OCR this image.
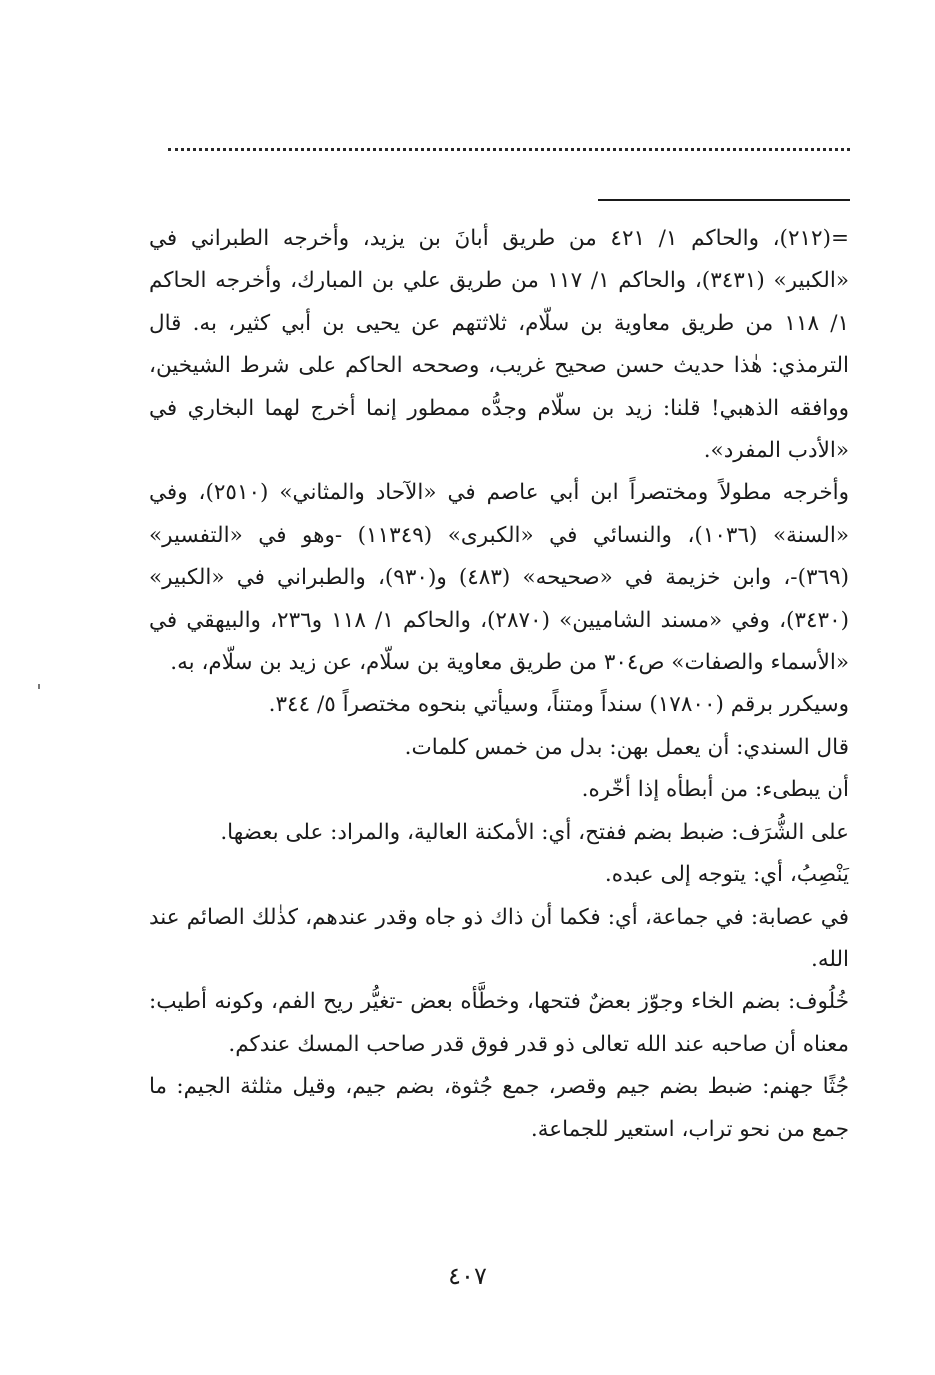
=(٢١٢)، والحاكم ١/ ٤٢١ من طريق أبانَ بن يزيد، وأخرجه الطبراني في «الكبير» (٣٤٣١)، والحاكم ١/ ١١٧ من طريق علي بن المبارك، وأخرجه الحاكم ١/ ١١٨ من طريق معاوية بن سلّام، ثلاثتهم عن يحيى بن أبي كثير، به. قال الترمذي: هٰذا حديث حسن صحيح غريب، وصححه الحاكم على شرط الشيخين، ووافقه الذهبي! قلنا: زيد بن سلّام وجدُّه ممطور إنما أخرج لهما البخاري في «الأدب المفرد».

وأخرجه مطولاً ومختصراً ابن أبي عاصم في «الآحاد والمثاني» (٢٥١٠)، وفي «السنة» (١٠٣٦)، والنسائي في «الكبرى» (١١٣٤٩) -وهو في «التفسير» (٣٦٩)-، وابن خزيمة في «صحيحه» (٤٨٣) و(٩٣٠)، والطبراني في «الكبير» (٣٤٣٠)، وفي «مسند الشاميين» (٢٨٧٠)، والحاكم ١/ ١١٨ و٢٣٦، والبيهقي في «الأسماء والصفات» ص٣٠٤ من طريق معاوية بن سلّام، عن زيد بن سلّام، به.

وسيكرر برقم (١٧٨٠٠) سنداً ومتناً، وسيأتي بنحوه مختصراً ٥/ ٣٤٤.

قال السندي: أن يعمل بهن: بدل من خمس كلمات.

أن يبطىء: من أبطأه إذا أخّره.

على الشُّرَف: ضبط بضم ففتح، أي: الأمكنة العالية، والمراد: على بعضها.

يَنْصِبُ، أي: يتوجه إلى عبده.

في عصابة: في جماعة، أي: فكما أن ذاك ذو جاه وقدر عندهم، كذٰلك الصائم عند الله.

خُلُوف: بضم الخاء وجوّز بعضٌ فتحها، وخطَّأه بعض -تغيُّر ريح الفم، وكونه أطيب: معناه أن صاحبه عند الله تعالى ذو قدر فوق قدر صاحب المسك عندكم.

جُثًا جهنم: ضبط بضم جيم وقصر، جمع جُثوة، بضم جيم، وقيل مثلثة الجيم: ما جمع من نحو تراب، استعير للجماعة.

٤٠٧
